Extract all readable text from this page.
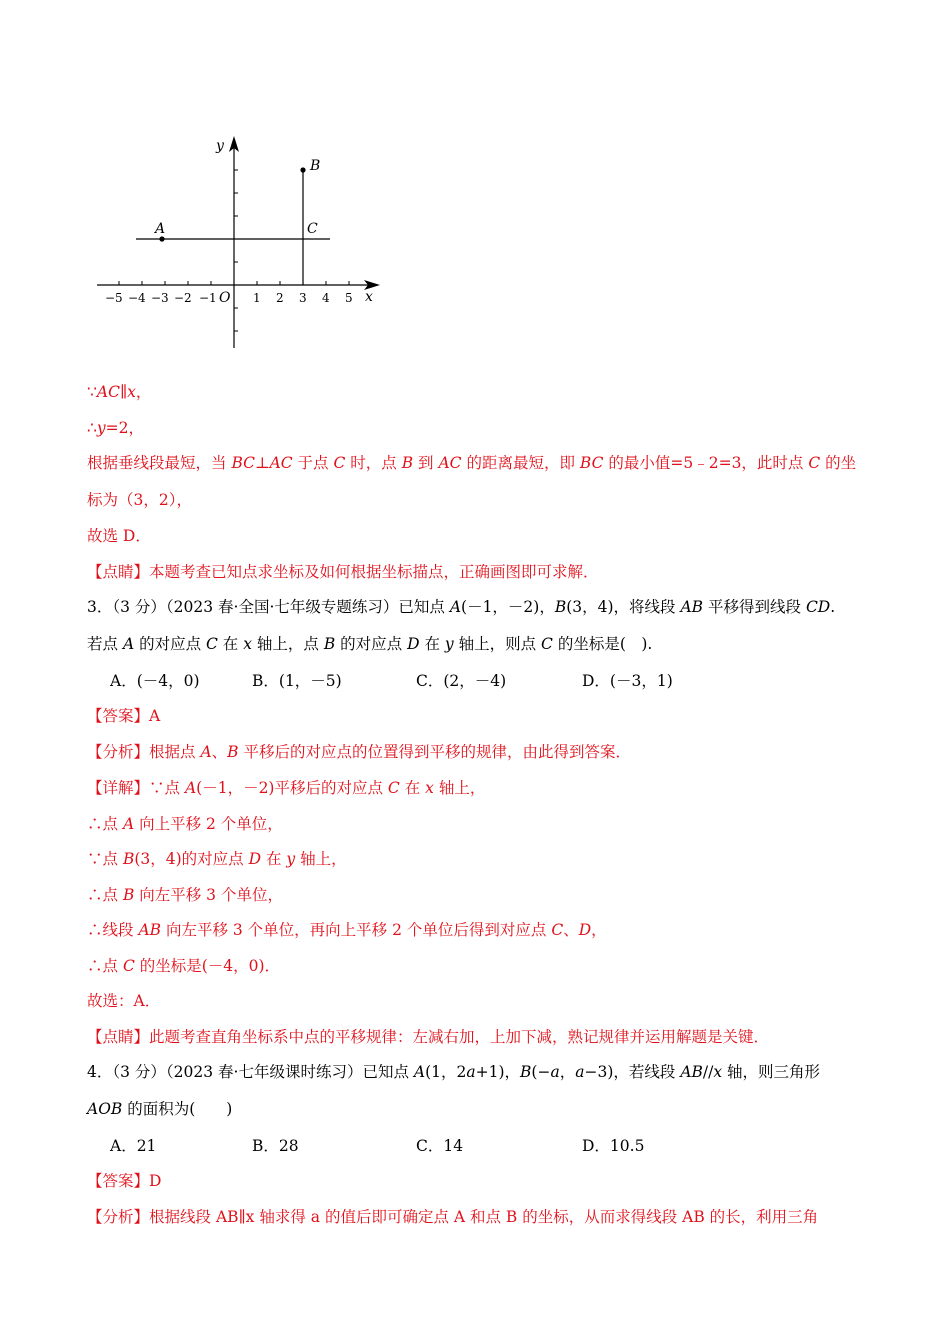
−5 −4 −3 −2 −1 O 1 2 3 4 5 x
y
A
B
C
∵AC∥x，
∴y=2，
根据垂线段最短，当 BC⊥AC 于点 C 时，点 B 到 AC 的距离最短，即 BC 的最小值=5﹣2=3，此时点 C 的坐
标为（3，2），
故选 D．
【点睛】本题考查已知点求坐标及如何根据坐标描点，正确画图即可求解．
3．（3 分）（2023 春·全国·七年级专题练习）已知点 A(－1，－2)，B(3，4)，将线段 AB 平移得到线段 CD.
若点 A 的对应点 C 在 x 轴上，点 B 的对应点 D 在 y 轴上，则点 C 的坐标是(　).
A．(－4，0)	B．(1，－5)	C．(2，－4)	D．(－3，1)
【答案】A
【分析】根据点 A、B 平移后的对应点的位置得到平移的规律，由此得到答案．
【详解】∵点 A(－1，－2)平移后的对应点 C 在 x 轴上，
∴点 A 向上平移 2 个单位，
∵点 B(3，4)的对应点 D 在 y 轴上，
∴点 B 向左平移 3 个单位，
∴线段 AB 向左平移 3 个单位，再向上平移 2 个单位后得到对应点 C、D，
∴点 C 的坐标是(－4，0)．
故选：A．
【点睛】此题考查直角坐标系中点的平移规律：左减右加，上加下减，熟记规律并运用解题是关键．
4．（3 分）（2023 春·七年级课时练习）已知点 A(1，2a+1)，B(−a，a−3)，若线段 AB//x 轴，则三角形
AOB 的面积为(　　)
A．21	B．28	C．14	D．10.5
【答案】D
【分析】根据线段 AB∥x 轴求得 a 的值后即可确定点 A 和点 B 的坐标，从而求得线段 AB 的长，利用三角
